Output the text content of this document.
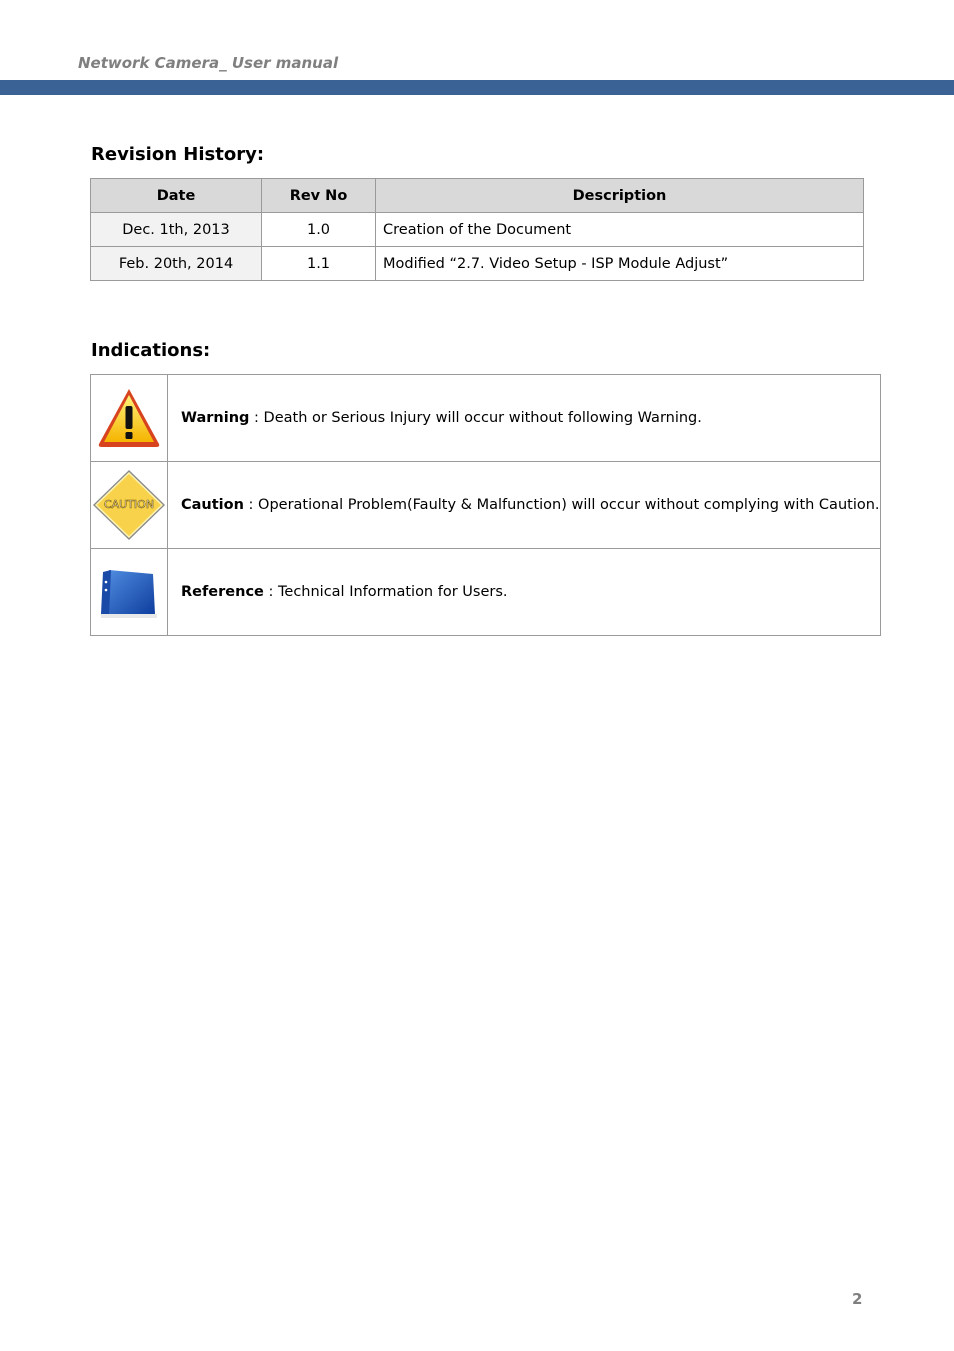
Network Camera_ User manual
Revision History:
Date	Rev No	Description
Dec. 1th, 2013	1.0	Creation of the Document
Feb. 20th, 2014	1.1	Modified “2.7. Video Setup - ISP Module Adjust”
Indications:
	Warning : Death or Serious Injury will occur without following Warning.

CAUTION	Caution : Operational Problem(Faulty & Malfunction) will occur without complying with Caution.

	Reference : Technical Information for Users.
2
